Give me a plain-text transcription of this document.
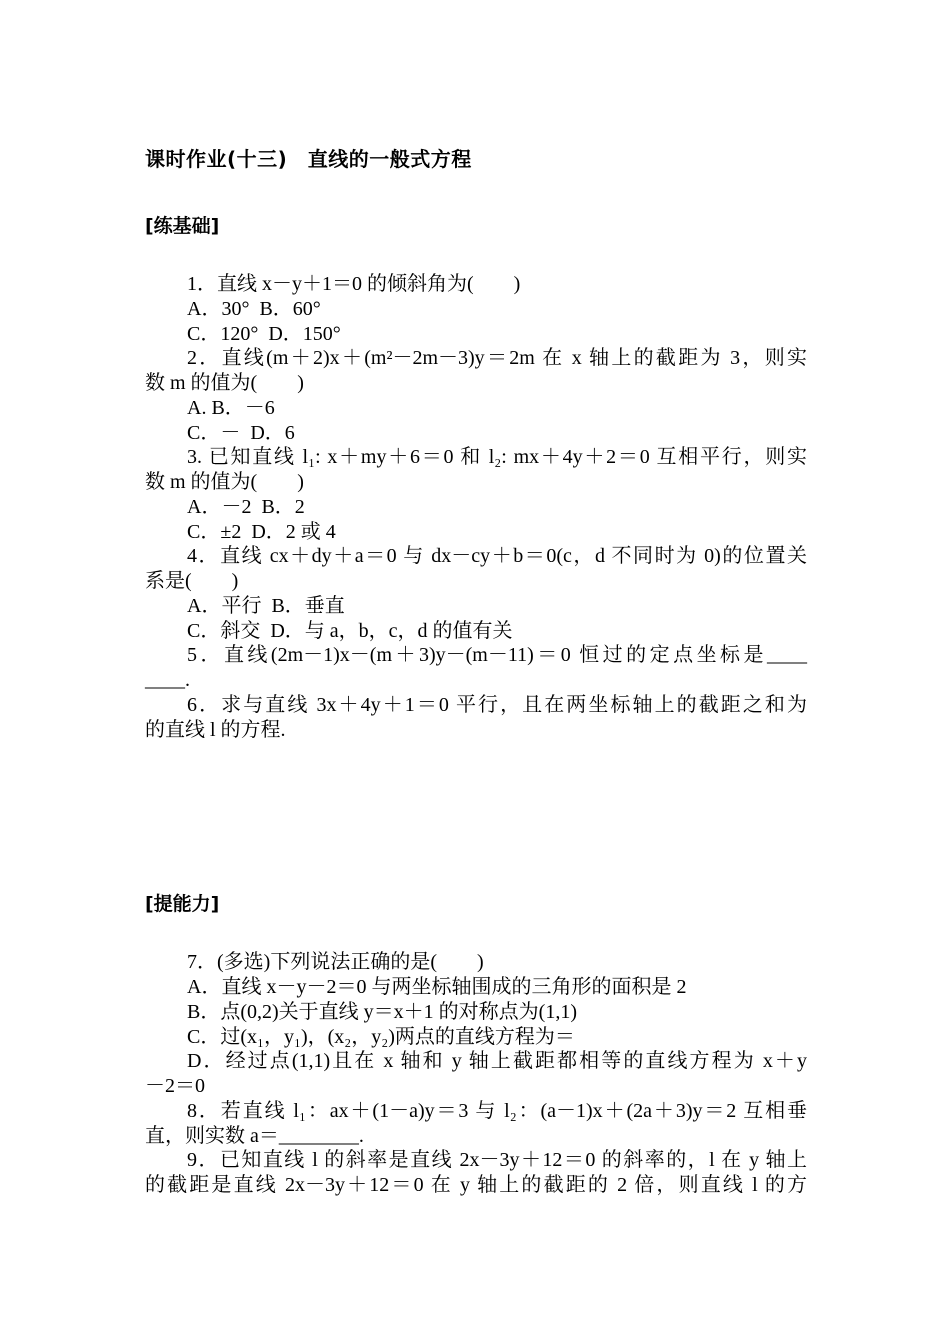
课时作业(十三)　直线的一般式方程
[练基础]
1．直线 x－y＋1＝0 的倾斜角为(　　)
A．30°  B．60°
C．120°  D．150°
2．直线(m＋2)x＋(m²－2m－3)y＝2m 在 x 轴上的截距为 3，则实
数 m 的值为(　　)
A. B．－6
C．－  D．6
3. 已知直线 l₁: x＋my＋6＝0 和 l₂: mx＋4y＋2＝0 互相平行，则实
数 m 的值为(　　)
A．－2  B．2
C．±2  D．2 或 4
4．直线 cx＋dy＋a＝0 与 dx－cy＋b＝0(c，d 不同时为 0)的位置关
系是(　　)
A．平行  B．垂直
C．斜交  D．与 a，b，c，d 的值有关
5．直线(2m－1)x－(m＋3)y－(m－11)＝0 恒过的定点坐标是____
____.
6．求与直线 3x＋4y＋1＝0 平行，且在两坐标轴上的截距之和为
的直线 l 的方程.
[提能力]
7．(多选)下列说法正确的是(　　)
A．直线 x－y－2＝0 与两坐标轴围成的三角形的面积是 2
B．点(0,2)关于直线 y＝x＋1 的对称点为(1,1)
C．过(x₁，y₁)，(x₂，y₂)两点的直线方程为＝
D．经过点(1,1)且在 x 轴和 y 轴上截距都相等的直线方程为 x＋y
－2＝0
8．若直线 l₁：ax＋(1－a)y＝3 与 l₂：(a－1)x＋(2a＋3)y＝2 互相垂
直，则实数 a＝________.
9．已知直线 l 的斜率是直线 2x－3y＋12＝0 的斜率的，l 在 y 轴上
的截距是直线 2x－3y＋12＝0 在 y 轴上的截距的 2 倍，则直线 l 的方
